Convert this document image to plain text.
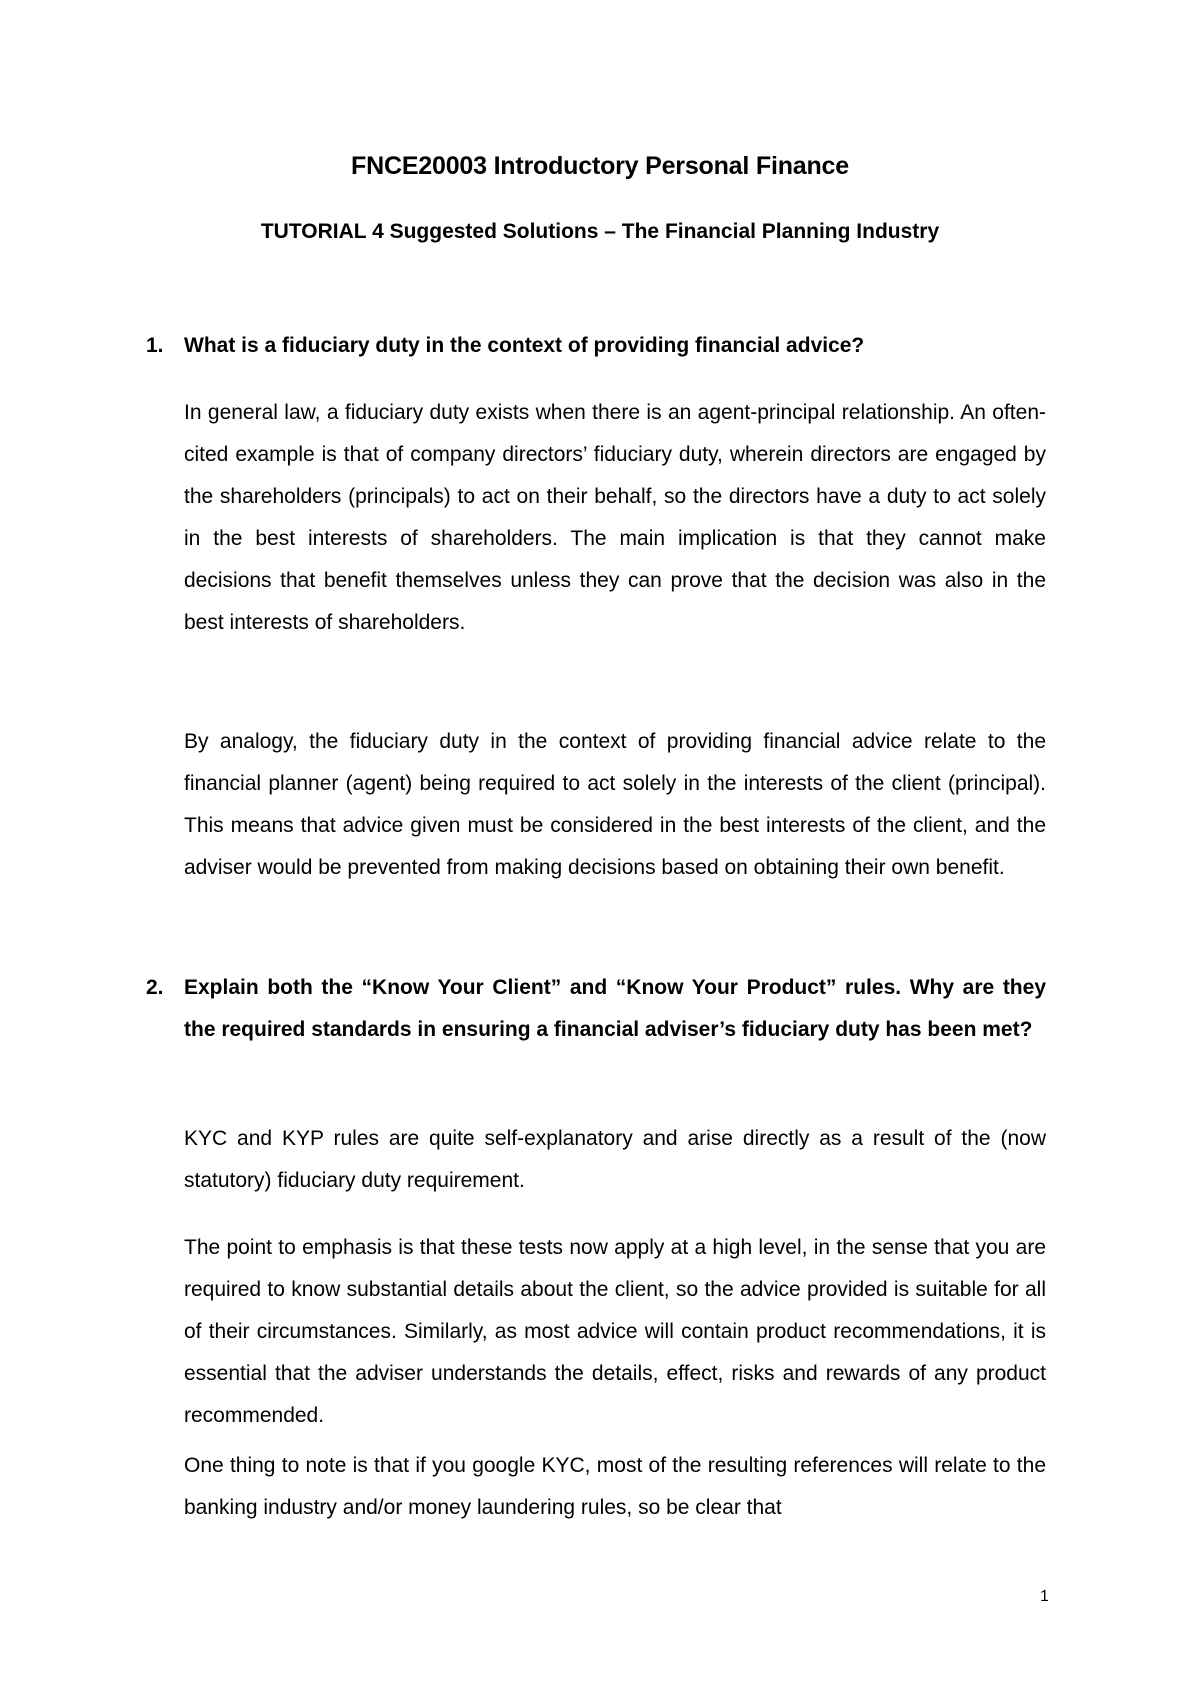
FNCE20003 Introductory Personal Finance
TUTORIAL 4 Suggested Solutions – The Financial Planning Industry
1. What is a fiduciary duty in the context of providing financial advice?

In general law, a fiduciary duty exists when there is an agent-principal relationship. An often-cited example is that of company directors’ fiduciary duty, wherein directors are engaged by the shareholders (principals) to act on their behalf, so the directors have a duty to act solely in the best interests of shareholders. The main implication is that they cannot make decisions that benefit themselves unless they can prove that the decision was also in the best interests of shareholders.

By analogy, the fiduciary duty in the context of providing financial advice relate to the financial planner (agent) being required to act solely in the interests of the client (principal). This means that advice given must be considered in the best interests of the client, and the adviser would be prevented from making decisions based on obtaining their own benefit.

2. Explain both the “Know Your Client” and “Know Your Product” rules. Why are they the required standards in ensuring a financial adviser’s fiduciary duty has been met?

KYC and KYP rules are quite self-explanatory and arise directly as a result of the (now statutory) fiduciary duty requirement.

The point to emphasis is that these tests now apply at a high level, in the sense that you are required to know substantial details about the client, so the advice provided is suitable for all of their circumstances. Similarly, as most advice will contain product recommendations, it is essential that the adviser understands the details, effect, risks and rewards of any product recommended.

One thing to note is that if you google KYC, most of the resulting references will relate to the banking industry and/or money laundering rules, so be clear that

1
